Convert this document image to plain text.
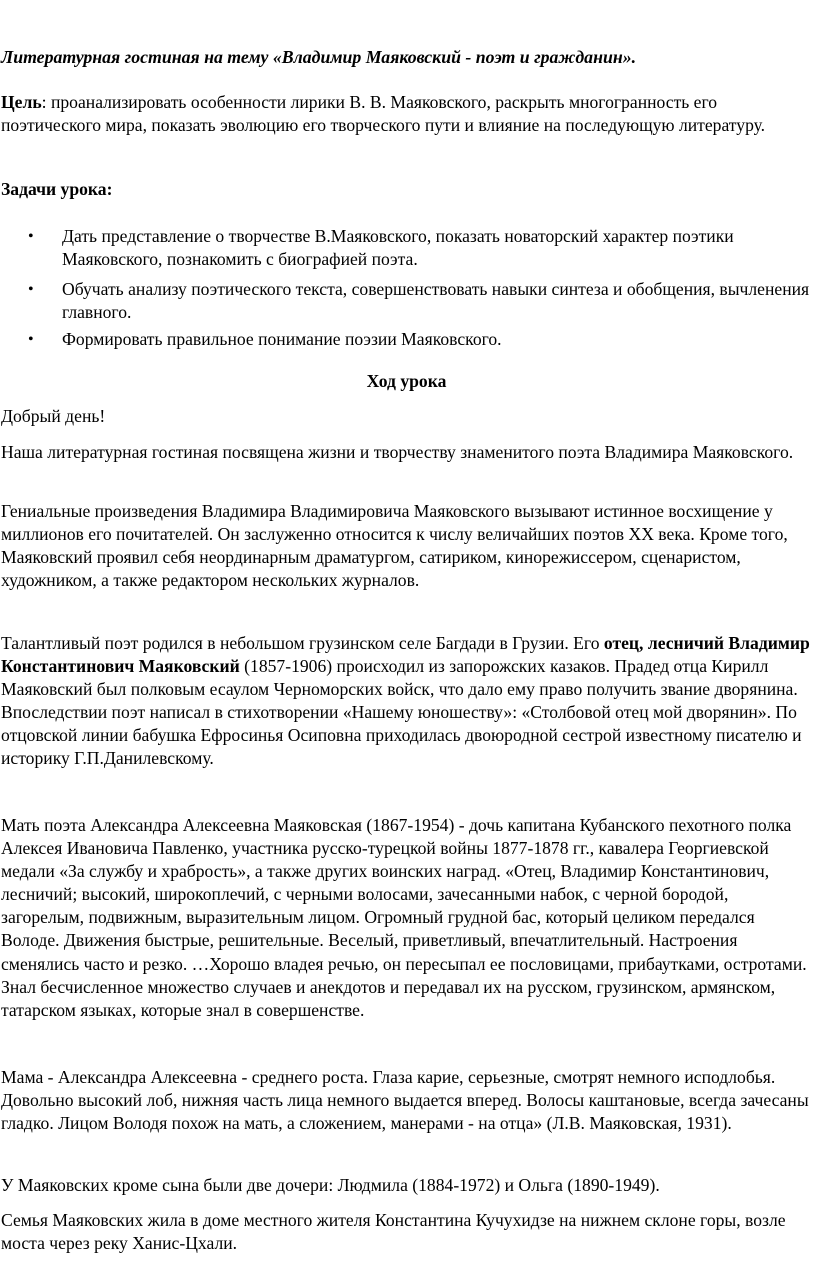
Литературная гостиная на тему «Владимир Маяковский - поэт и гражданин».

Цель: проанализировать особенности лирики В. В. Маяковского, раскрыть многогранность его поэтического мира, показать эволюцию его творческого пути и влияние на последующую литературу.

Задачи урока:

• Дать представление о творчестве В.Маяковского, показать новаторский характер поэтики Маяковского, познакомить с биографией поэта.
• Обучать анализу поэтического текста, совершенствовать навыки синтеза и обобщения, вычленения главного.
• Формировать правильное понимание поэзии Маяковского.

Ход урока

Добрый день!

Наша литературная гостиная посвящена жизни и творчеству знаменитого поэта Владимира Маяковского.

Гениальные произведения Владимира Владимировича Маяковского вызывают истинное восхищение у миллионов его почитателей. Он заслуженно относится к числу величайших поэтов XX века. Кроме того, Маяковский проявил себя неординарным драматургом, сатириком, кинорежиссером, сценаристом, художником, а также редактором нескольких журналов.

Талантливый поэт родился в небольшом грузинском селе Багдади в Грузии. Его отец, лесничий Владимир Константинович Маяковский (1857-1906) происходил из запорожских казаков. Прадед отца Кирилл Маяковский был полковым есаулом Черноморских войск, что дало ему право получить звание дворянина. Впоследствии поэт написал в стихотворении «Нашему юношеству»: «Столбовой отец мой дворянин». По отцовской линии бабушка Ефросинья Осиповна приходилась двоюродной сестрой известному писателю и историку Г.П.Данилевскому.

Мать поэта Александра Алексеевна Маяковская (1867-1954) - дочь капитана Кубанского пехотного полка Алексея Ивановича Павленко, участника русско-турецкой войны 1877-1878 гг., кавалера Георгиевской медали «За службу и храбрость», а также других воинских наград. «Отец, Владимир Константинович, лесничий; высокий, широкоплечий, с черными волосами, зачесанными набок, с черной бородой, загорелым, подвижным, выразительным лицом. Огромный грудной бас, который целиком передался Володе. Движения быстрые, решительные. Веселый, приветливый, впечатлительный. Настроения сменялись часто и резко. …Хорошо владея речью, он пересыпал ее пословицами, прибаутками, остротами. Знал бесчисленное множество случаев и анекдотов и передавал их на русском, грузинском, армянском, татарском языках, которые знал в совершенстве.

Мама - Александра Алексеевна - среднего роста. Глаза карие, серьезные, смотрят немного исподлобья. Довольно высокий лоб, нижняя часть лица немного выдается вперед. Волосы каштановые, всегда зачесаны гладко. Лицом Володя похож на мать, а сложением, манерами - на отца» (Л.В. Маяковская, 1931).

У Маяковских кроме сына были две дочери: Людмила (1884-1972) и Ольга (1890-1949).

Семья Маяковских жила в доме местного жителя Константина Кучухидзе на нижнем склоне горы, возле моста через реку Ханис-Цхали.
